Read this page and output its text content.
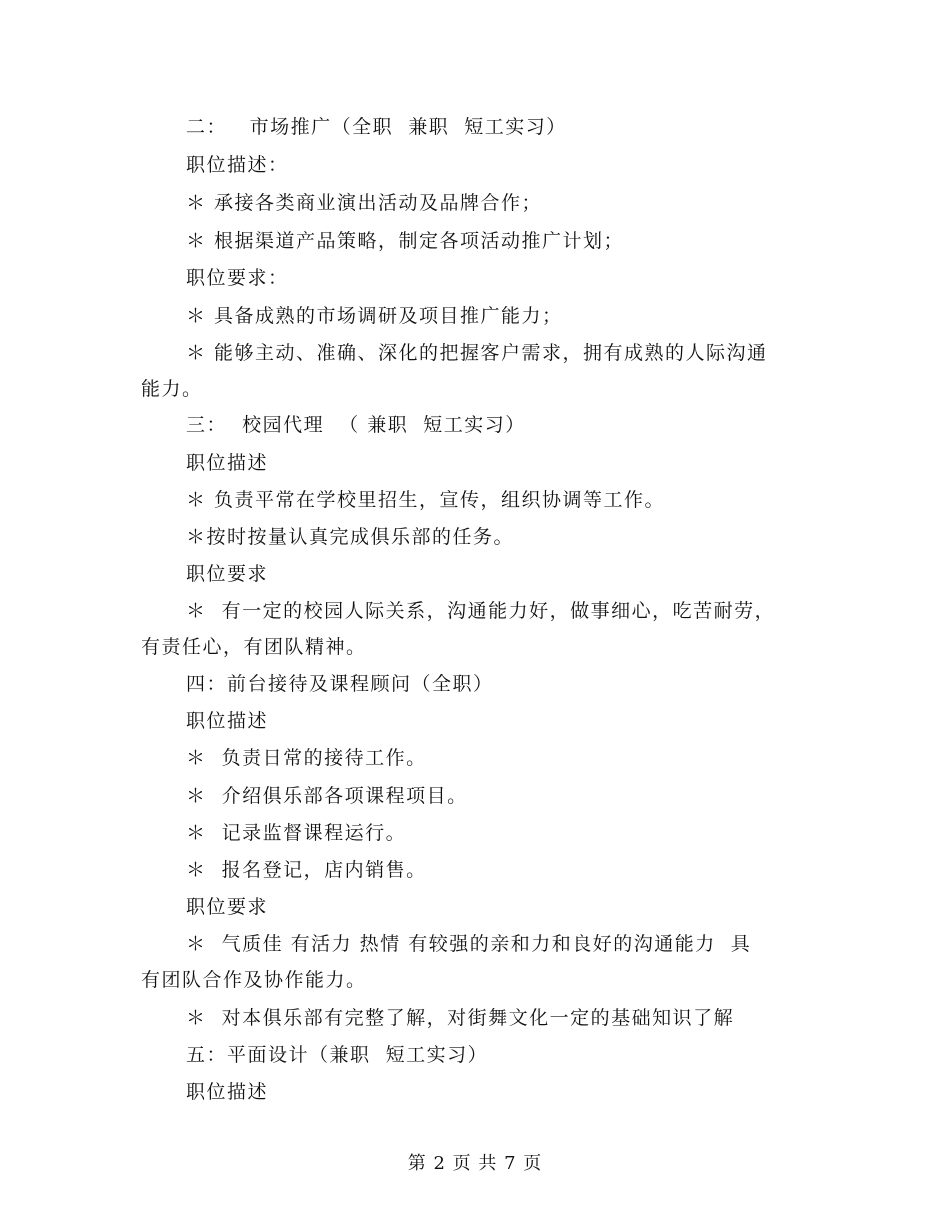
二：   市场推广（全职  兼职  短工实习）
职位描述：
＊ 承接各类商业演出活动及品牌合作；
＊ 根据渠道产品策略，制定各项活动推广计划；
职位要求：
＊ 具备成熟的市场调研及项目推广能力；
＊ 能够主动、准确、深化的把握客户需求，拥有成熟的人际沟通
能力。
三：  校园代理  （ 兼职  短工实习）
职位描述
＊ 负责平常在学校里招生，宣传，组织协调等工作。
＊按时按量认真完成俱乐部的任务。
职位要求
＊  有一定的校园人际关系，沟通能力好，做事细心，吃苦耐劳，
有责任心，有团队精神。
四：前台接待及课程顾问（全职）
职位描述
＊  负责日常的接待工作。
＊  介绍俱乐部各项课程项目。
＊  记录监督课程运行。
＊  报名登记，店内销售。
职位要求
＊  气质佳 有活力 热情 有较强的亲和力和良好的沟通能力  具
有团队合作及协作能力。
＊  对本俱乐部有完整了解，对街舞文化一定的基础知识了解
五：平面设计（兼职  短工实习）
职位描述
第 2 页 共 7 页
